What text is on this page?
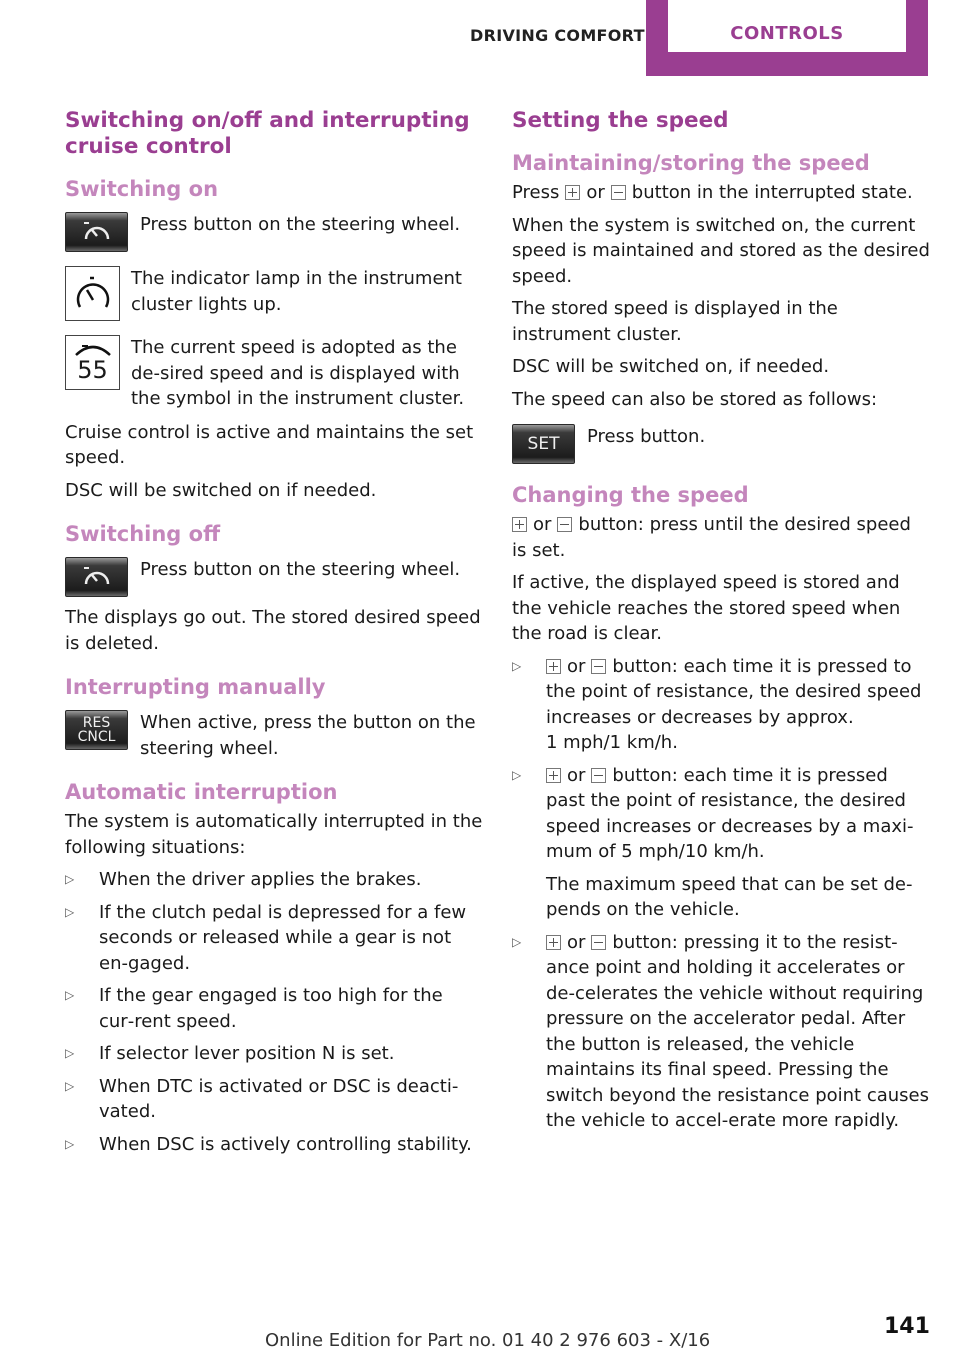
DRIVING COMFORT	CONTROLS
Switching on/off and interrupting cruise control
Switching on
Press button on the steering wheel.
The indicator lamp in the instrument cluster lights up.
55
The current speed is adopted as the de‐sired speed and is displayed with the symbol in the instrument cluster.

Cruise control is active and maintains the set speed.

DSC will be switched on if needed.

Switching off
Press button on the steering wheel.

The displays go out. The stored desired speed is deleted.

Interrupting manually
RES
CNCL
When active, press the button on the steering wheel.
Automatic interruption

The system is automatically interrupted in the following situations:

▷ When the driver applies the brakes.
▷ If the clutch pedal is depressed for a few seconds or released while a gear is not en‐gaged.
▷ If the gear engaged is too high for the cur‐rent speed.
▷ If selector lever position N is set.
▷ When DTC is activated or DSC is deacti‐vated.
▷ When DSC is actively controlling stability.
Setting the speed
Maintaining/storing the speed

Press or button in the interrupted state.

When the system is switched on, the current speed is maintained and stored as the desired speed.

The stored speed is displayed in the instrument cluster.

DSC will be switched on, if needed.

The speed can also be stored as follows:

SET	Press button.
Changing the speed

or button: press until the desired speed is set.

If active, the displayed speed is stored and the vehicle reaches the stored speed when the road is clear.

▷ or button: each time it is pressed to the point of resistance, the desired speed increases or decreases by approx.
1 mph/1 km/h.
▷ or button: each time it is pressed past the point of resistance, the desired speed increases or decreases by a maxi‐mum of 5 mph/10 km/h.
The maximum speed that can be set de‐pends on the vehicle.
▷ or button: pressing it to the resist‐ance point and holding it accelerates or de‐celerates the vehicle without requiring pressure on the accelerator pedal. After the button is released, the vehicle maintains its final speed. Pressing the switch beyond the resistance point causes the vehicle to accel‐erate more rapidly.
Online Edition for Part no. 01 40 2 976 603 - X/16
141
